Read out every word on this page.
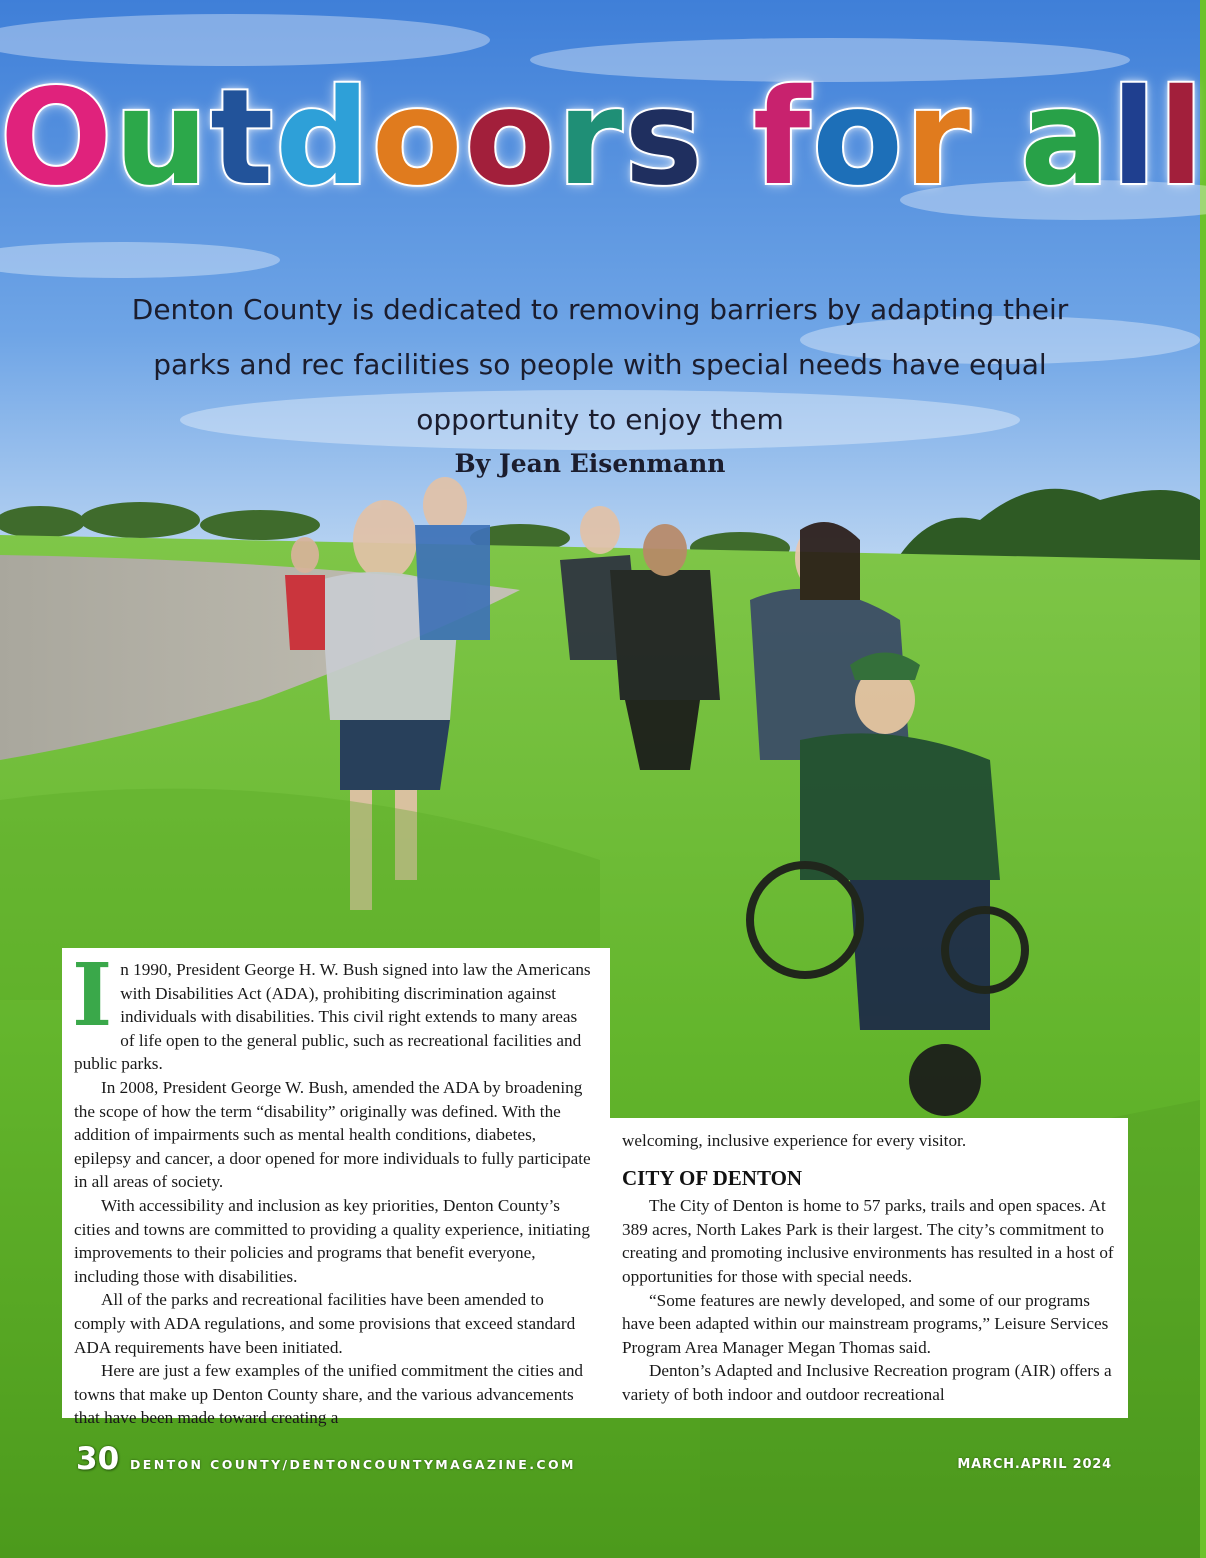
Outdoors for all
Denton County is dedicated to removing barriers by adapting their parks and rec facilities so people with special needs have equal opportunity to enjoy them
By Jean Eisenmann
I n 1990, President George H. W. Bush signed into law the Americans with Disabilities Act (ADA), prohibiting discrimination against individuals with disabilities. This civil right extends to many areas of life open to the general public, such as recreational facilities and public parks.

In 2008, President George W. Bush, amended the ADA by broadening the scope of how the term “disability” originally was defined. With the addition of impairments such as mental health conditions, diabetes, epilepsy and cancer, a door opened for more individuals to fully participate in all areas of society.

With accessibility and inclusion as key priorities, Denton County’s cities and towns are committed to providing a quality experience, initiating improvements to their policies and programs that benefit everyone, including those with disabilities.

All of the parks and recreational facilities have been amended to comply with ADA regulations, and some provisions that exceed standard ADA requirements have been initiated.

Here are just a few examples of the unified commitment the cities and towns that make up Denton County share, and the various advancements that have been made toward creating a

welcoming, inclusive experience for every visitor.

CITY OF DENTON

The City of Denton is home to 57 parks, trails and open spaces. At 389 acres, North Lakes Park is their largest. The city’s commitment to creating and promoting inclusive environments has resulted in a host of opportunities for those with special needs.

“Some features are newly developed, and some of our programs have been adapted within our mainstream programs,” Leisure Services Program Area Manager Megan Thomas said.

Denton’s Adapted and Inclusive Recreation program (AIR) offers a variety of both indoor and outdoor recreational

30 DENTON COUNTY/DENTONCOUNTYMAGAZINE.COM	MARCH.APRIL 2024
